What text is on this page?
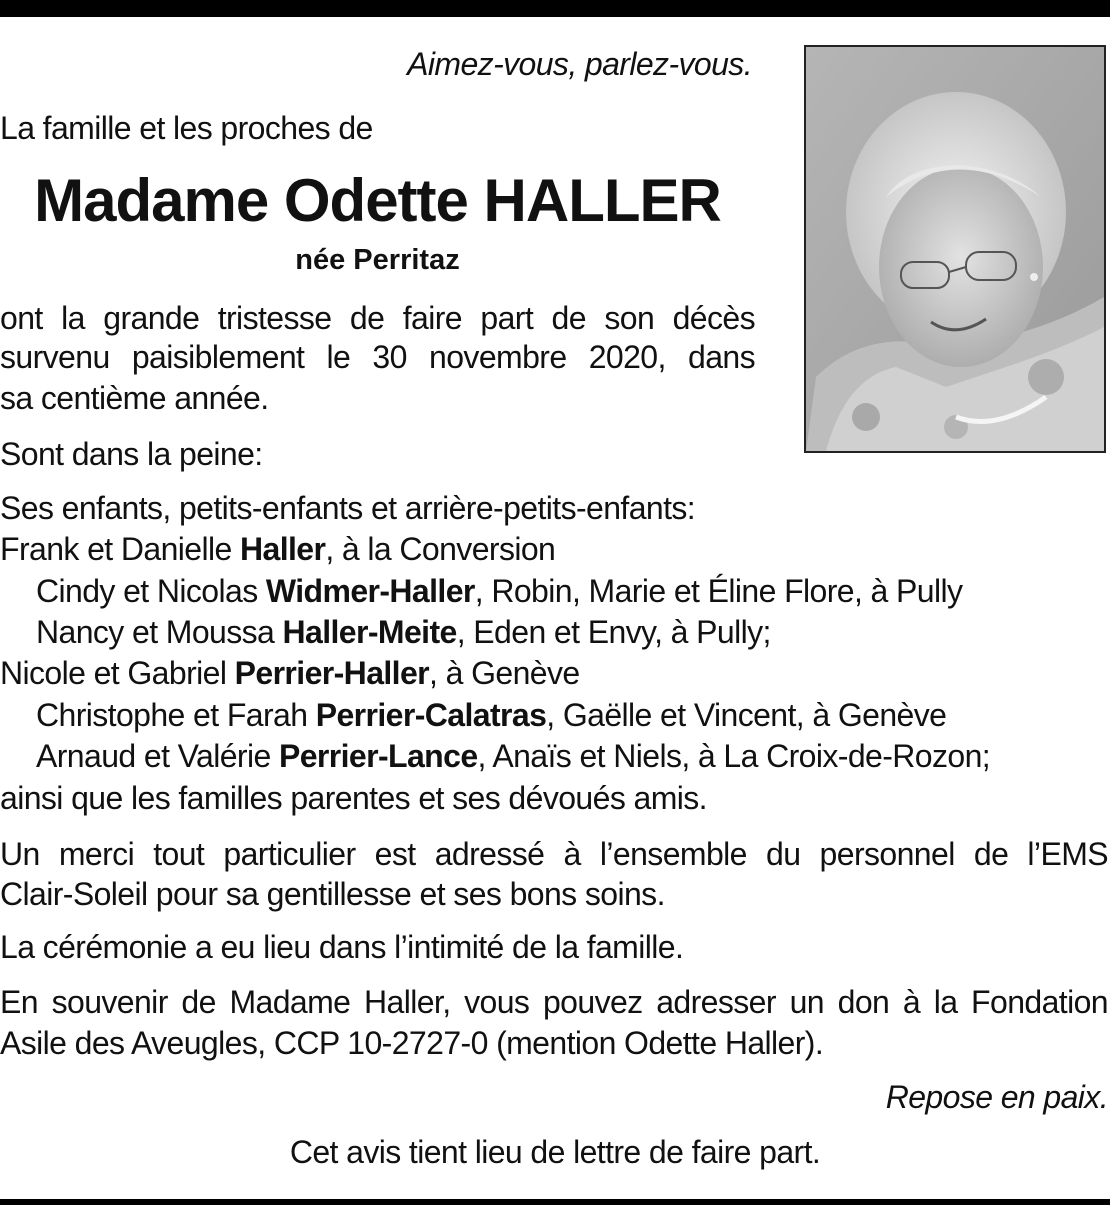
Aimez-vous, parlez-vous.
La famille et les proches de
Madame Odette HALLER
née Perritaz
ont la grande tristesse de faire part de son décès
survenu paisiblement le 30 novembre 2020, dans
sa centième année.
Sont dans la peine:
Ses enfants, petits-enfants et arrière-petits-enfants:
Frank et Danielle Haller, à la Conversion
Cindy et Nicolas Widmer-Haller, Robin, Marie et Éline Flore, à Pully
Nancy et Moussa Haller-Meite, Eden et Envy, à Pully;
Nicole et Gabriel Perrier-Haller, à Genève
Christophe et Farah Perrier-Calatras, Gaëlle et Vincent, à Genève
Arnaud et Valérie Perrier-Lance, Anaïs et Niels, à La Croix-de-Rozon;
ainsi que les familles parentes et ses dévoués amis.
Un merci tout particulier est adressé à l’ensemble du personnel de l’EMS
Clair-Soleil pour sa gentillesse et ses bons soins.
La cérémonie a eu lieu dans l’intimité de la famille.
En souvenir de Madame Haller, vous pouvez adresser un don à la Fondation
Asile des Aveugles, CCP 10-2727-0 (mention Odette Haller).
Repose en paix.
Cet avis tient lieu de lettre de faire part.
